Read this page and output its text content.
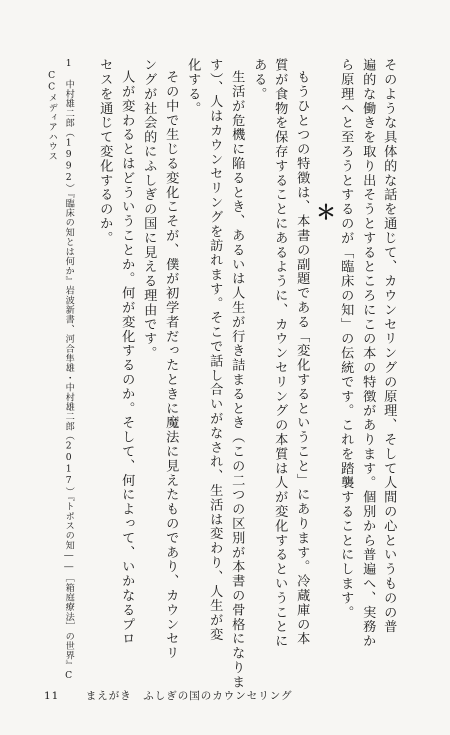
そのような具体的な話を通じて、カウンセリングの原理、そして人間の心というものの普
遍的な働きを取り出そうとするところにこの本の特徴があります。個別から普遍へ、実務か
ら原理へと至ろうとするのが「臨床の知」の伝統です。これを踏襲することにします。
＊
もうひとつの特徴は、本書の副題である「変化するということ」にあります。冷蔵庫の本
質が食物を保存することにあるように、カウンセリングの本質は人が変化するということに
ある。
生活が危機に陥るとき、あるいは人生が行き詰まるとき（この二つの区別が本書の骨格になりま
す）、人はカウンセリングを訪れます。そこで話し合いがなされ、生活は変わり、人生が変
化する。
その中で生じる変化こそが、僕が初学者だったときに魔法に見えたものであり、カウンセリ
ングが社会的にふしぎの国に見える理由です。
人が変わるとはどういうことか。何が変化するのか。そして、何によって、いかなるプロ
セスを通じて変化するのか。
1　中村雄二郎（1992）『臨床の知とは何か』岩波新書、河合隼雄・中村雄二郎（2017）『トポスの知――［箱庭療法］の世界』C
CCメディアハウス
11	まえがき　ふしぎの国のカウンセリング
